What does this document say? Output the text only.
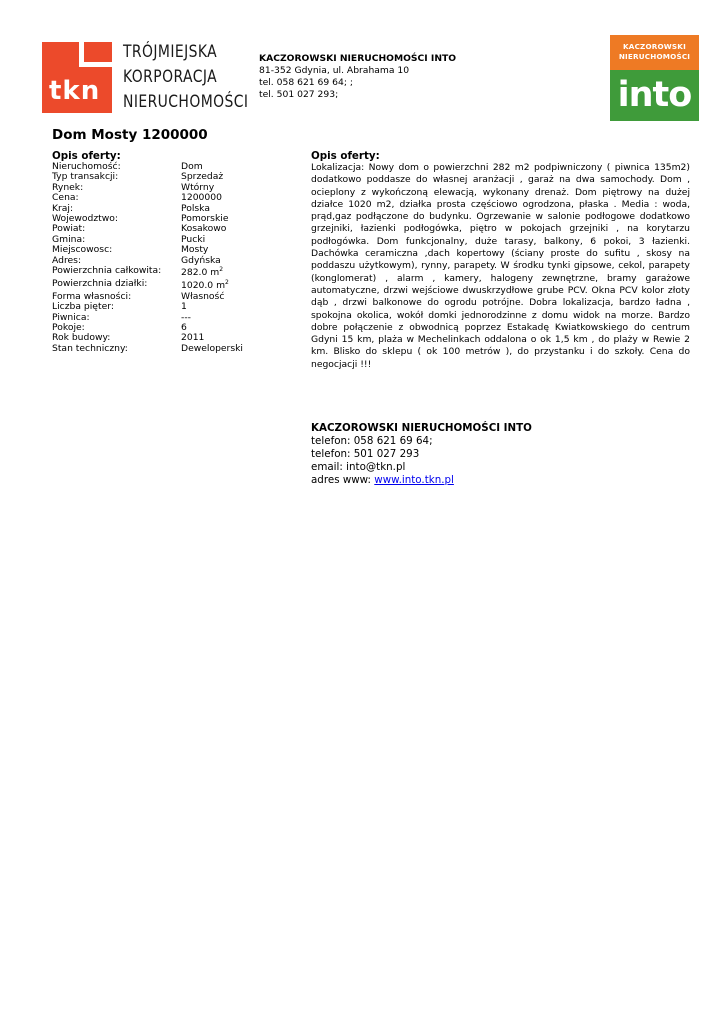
tkn
TRÓJMIEJSKA
KORPORACJA
NIERUCHOMOŚCI
KACZOROWSKI NIERUCHOMOŚCI INTO
81-352 Gdynia, ul. Abrahama 10
tel. 058 621 69 64; ;
tel. 501 027 293;
KACZOROWSKI
NIERUCHOMOŚCI
into
Dom Mosty 1200000
Opis oferty:
Nieruchomość:	Dom
Typ transakcji:	Sprzedaż
Rynek:	Wtórny
Cena:	1200000
Kraj:	Polska
Wojewodztwo:	Pomorskie
Powiat:	Kosakowo
Gmina:	Pucki
Miejscowosc:	Mosty
Adres:	Gdyńska
Powierzchnia całkowita: 282.0 $m^2$
Powierzchnia działki:	1020.0 $m^2$
Forma własności:	Własność
Liczba pięter:	1
Piwnica:	---
Pokoje:	6
Rok budowy:	2011
Stan techniczny:	Deweloperski
Opis oferty:

Lokalizacja: Nowy dom o powierzchni 282 m2 podpiwniczony ( piwnica 135m2) dodatkowo poddasze do własnej aranżacji , garaż na dwa samochody. Dom , ocieplony z wykończoną elewacją, wykonany drenaż. Dom piętrowy na dużej działce 1020 m2, działka prosta częściowo ogrodzona, płaska . Media : woda, prąd,gaz podłączone do budynku. Ogrzewanie w salonie podłogowe dodatkowo grzejniki, łazienki podłogówka, piętro w pokojach grzejniki , na korytarzu podłogówka. Dom funkcjonalny, duże tarasy, balkony, 6 pokoi, 3 łazienki. Dachówka ceramiczna ,dach kopertowy (ściany proste do sufitu , skosy na poddaszu użytkowym), rynny, parapety. W środku tynki gipsowe, cekol, parapety (konglomerat) , alarm , kamery, halogeny zewnętrzne, bramy garażowe automatyczne, drzwi wejściowe dwuskrzydłowe grube PCV. Okna PCV kolor złoty dąb , drzwi balkonowe do ogrodu potrójne. Dobra lokalizacja, bardzo ładna , spokojna okolica, wokół domki jednorodzinne z domu widok na morze. Bardzo dobre połączenie z obwodnicą poprzez Estakadę Kwiatkowskiego do centrum Gdyni 15 km, plaża w Mechelinkach oddalona o ok 1,5 km , do plaży w Rewie 2 km. Blisko do sklepu ( ok 100 metrów ), do przystanku i do szkoły. Cena do negocjacji !!!

KACZOROWSKI NIERUCHOMOŚCI INTO
telefon: 058 621 69 64;
telefon: 501 027 293
email: into@tkn.pl
adres www: www.into.tkn.pl
